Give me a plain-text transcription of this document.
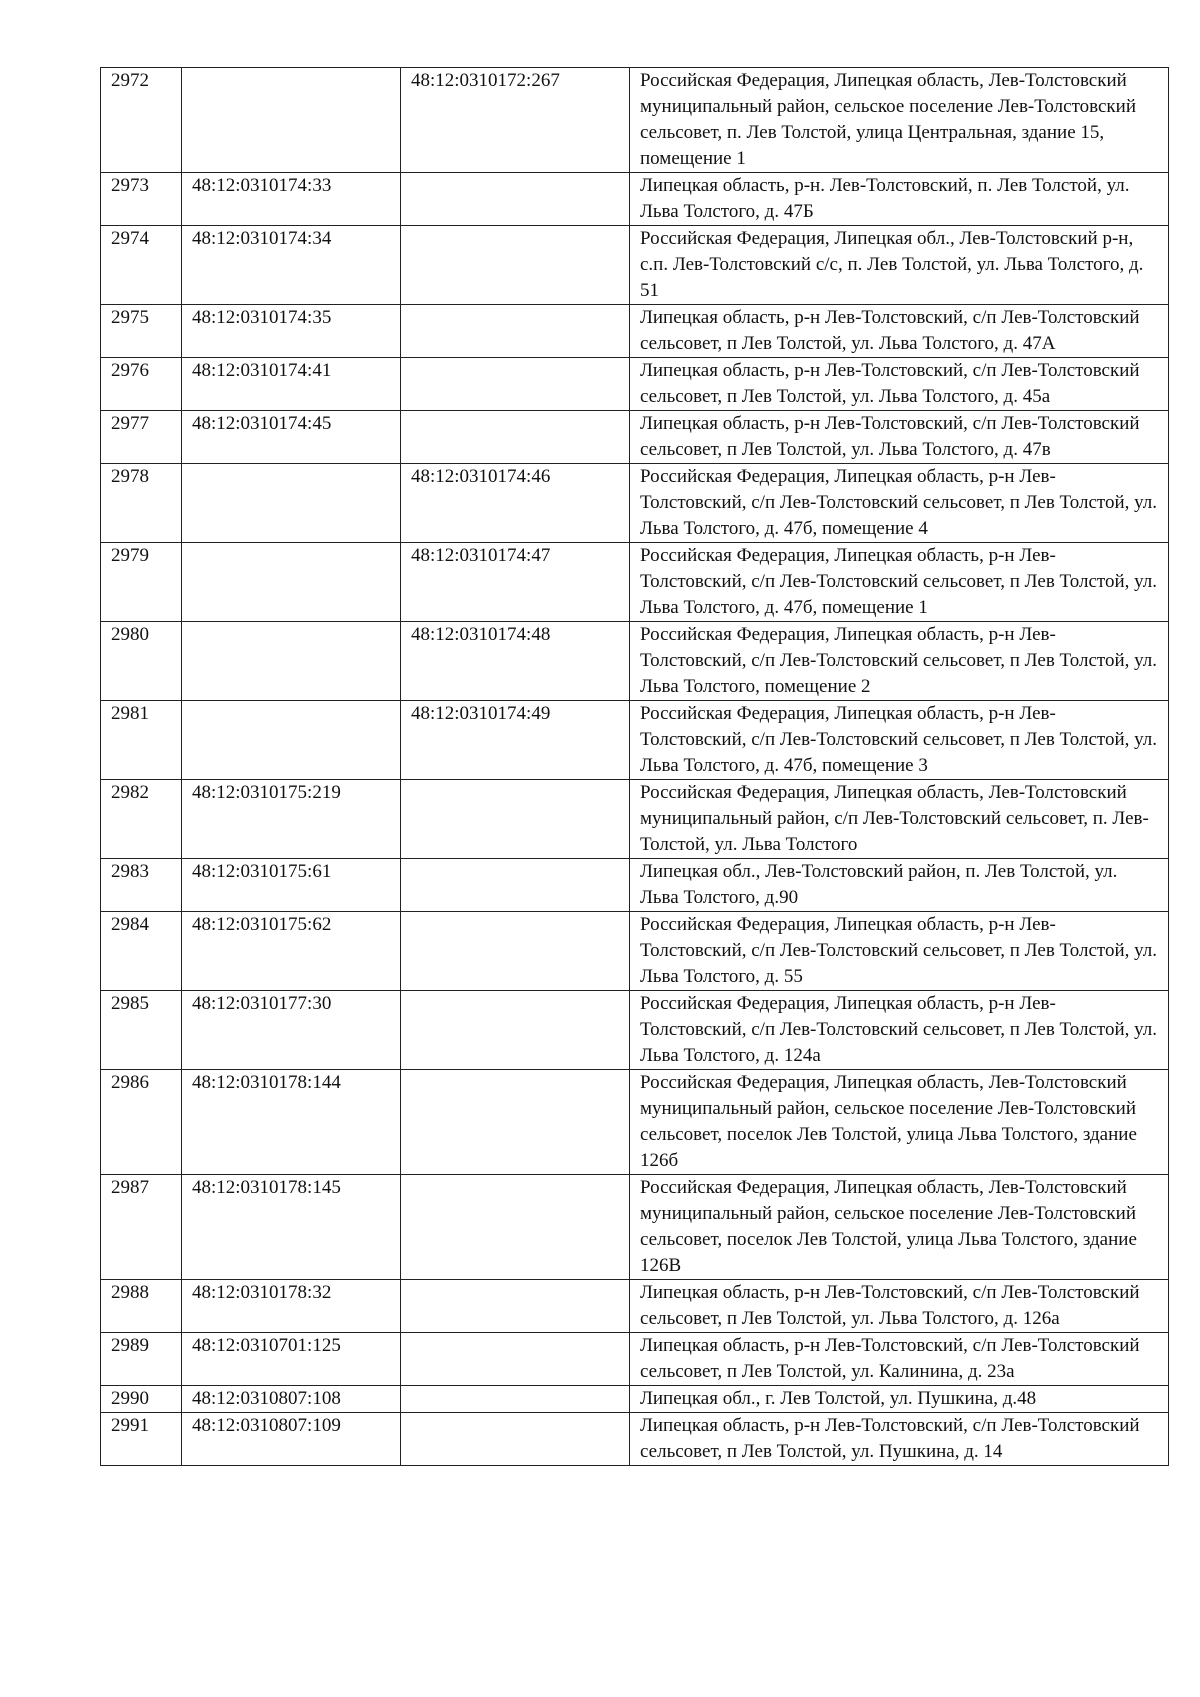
2972		48:12:0310172:267	Российская Федерация, Липецкая область, Лев-Толстовский муниципальный район, сельское поселение Лев-Толстовский сельсовет, п. Лев Толстой, улица Центральная, здание 15, помещение 1
2973	48:12:0310174:33		Липецкая область, р-н. Лев-Толстовский, п. Лев Толстой, ул. Льва Толстого, д. 47Б
2974	48:12:0310174:34		Российская Федерация, Липецкая обл., Лев-Толстовский р-н, с.п. Лев-Толстовский с/с, п. Лев Толстой, ул. Льва Толстого, д. 51
2975	48:12:0310174:35		Липецкая область, р-н Лев-Толстовский, с/п Лев-Толстовский сельсовет, п Лев Толстой, ул. Льва Толстого, д. 47А
2976	48:12:0310174:41		Липецкая область, р-н Лев-Толстовский, с/п Лев-Толстовский сельсовет, п Лев Толстой, ул. Льва Толстого, д. 45а
2977	48:12:0310174:45		Липецкая область, р-н Лев-Толстовский, с/п Лев-Толстовский сельсовет, п Лев Толстой, ул. Льва Толстого, д. 47в
2978		48:12:0310174:46	Российская Федерация, Липецкая область, р-н Лев-Толстовский, с/п Лев-Толстовский сельсовет, п Лев Толстой, ул. Льва Толстого, д. 47б, помещение 4
2979		48:12:0310174:47	Российская Федерация, Липецкая область, р-н Лев-Толстовский, с/п Лев-Толстовский сельсовет, п Лев Толстой, ул. Льва Толстого, д. 47б, помещение 1
2980		48:12:0310174:48	Российская Федерация, Липецкая область, р-н Лев-Толстовский, с/п Лев-Толстовский сельсовет, п Лев Толстой, ул. Льва Толстого, помещение 2
2981		48:12:0310174:49	Российская Федерация, Липецкая область, р-н Лев-Толстовский, с/п Лев-Толстовский сельсовет, п Лев Толстой, ул. Льва Толстого, д. 47б, помещение 3
2982	48:12:0310175:219		Российская Федерация, Липецкая область, Лев-Толстовский муниципальный район, с/п Лев-Толстовский сельсовет, п. Лев-Толстой, ул. Льва Толстого
2983	48:12:0310175:61		Липецкая обл., Лев-Толстовский район, п. Лев Толстой, ул. Льва Толстого, д.90
2984	48:12:0310175:62		Российская Федерация, Липецкая область, р-н Лев-Толстовский, с/п Лев-Толстовский сельсовет, п Лев Толстой, ул. Льва Толстого, д. 55
2985	48:12:0310177:30		Российская Федерация, Липецкая область, р-н Лев-Толстовский, с/п Лев-Толстовский сельсовет, п Лев Толстой, ул. Льва Толстого, д. 124а
2986	48:12:0310178:144		Российская Федерация, Липецкая область, Лев-Толстовский муниципальный район, сельское поселение Лев-Толстовский сельсовет, поселок Лев Толстой, улица Льва Толстого, здание 126б
2987	48:12:0310178:145		Российская Федерация, Липецкая область, Лев-Толстовский муниципальный район, сельское поселение Лев-Толстовский сельсовет, поселок Лев Толстой, улица Льва Толстого, здание 126В
2988	48:12:0310178:32		Липецкая область, р-н Лев-Толстовский, с/п Лев-Толстовский сельсовет, п Лев Толстой, ул. Льва Толстого, д. 126а
2989	48:12:0310701:125		Липецкая область, р-н Лев-Толстовский, с/п Лев-Толстовский сельсовет, п Лев Толстой, ул. Калинина, д. 23а
2990	48:12:0310807:108		Липецкая обл., г. Лев Толстой, ул. Пушкина, д.48
2991	48:12:0310807:109		Липецкая область, р-н Лев-Толстовский, с/п Лев-Толстовский сельсовет, п Лев Толстой, ул. Пушкина, д. 14
